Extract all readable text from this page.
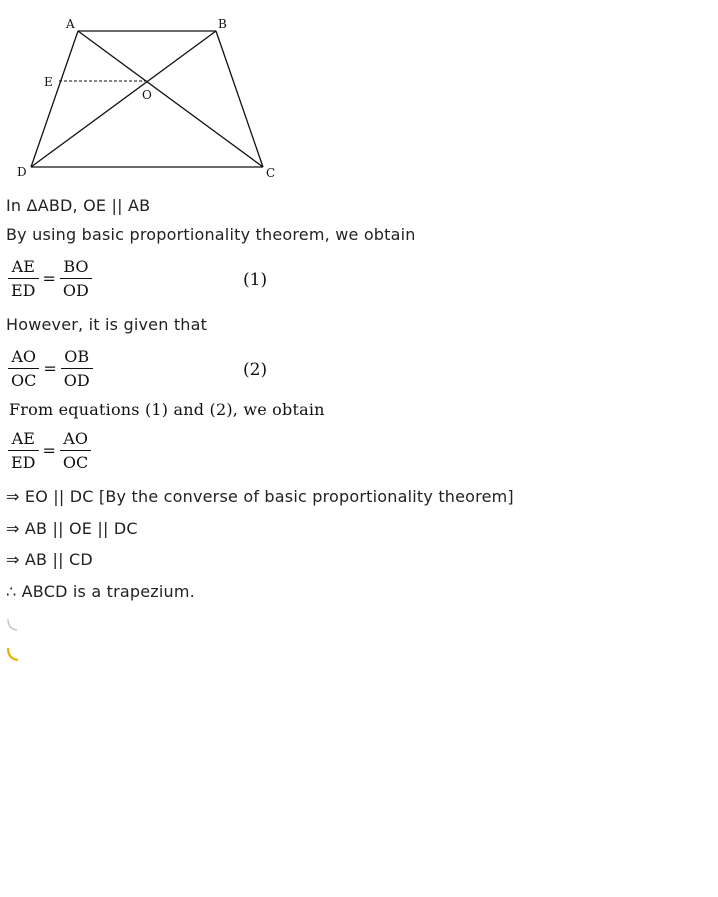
A	B
C
D
E
O
In ΔABD, OE || AB
By using basic proportionality theorem, we obtain
$\frac{AE}{ED} = \frac{BO}{OD}$	(1)
However, it is given that
$\frac{AO}{OC} = \frac{OB}{OD}$	(2)
From equations (1) and (2), we obtain
$\frac{AE}{ED} = \frac{AO}{OC}$
⇒ EO || DC [By the converse of basic proportionality theorem]
⇒ AB || OE || DC
⇒ AB || CD
∴ ABCD is a trapezium.
